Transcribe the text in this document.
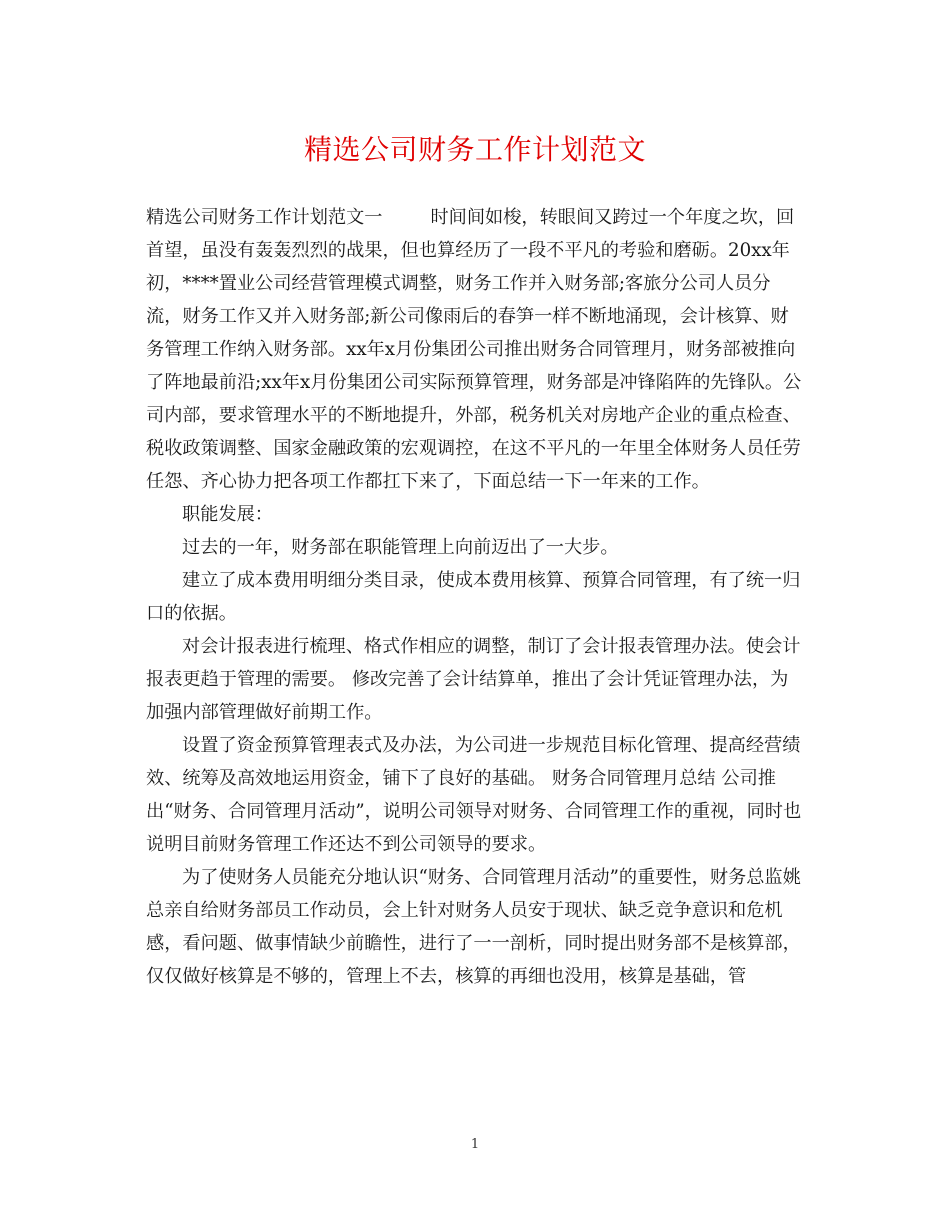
精选公司财务工作计划范文

精选公司财务工作计划范文一	时间间如梭，转眼间又跨过一个年度之坎，回首望，虽没有轰轰烈烈的战果，但也算经历了一段不平凡的考验和磨砺。20xx年初，****置业公司经营管理模式调整，财务工作并入财务部;客旅分公司人员分流，财务工作又并入财务部;新公司像雨后的春笋一样不断地涌现，会计核算、财务管理工作纳入财务部。xx年x月份集团公司推出财务合同管理月，财务部被推向了阵地最前沿;xx年x月份集团公司实际预算管理，财务部是冲锋陷阵的先锋队。公司内部，要求管理水平的不断地提升，外部，税务机关对房地产企业的重点检查、税收政策调整、国家金融政策的宏观调控，在这不平凡的一年里全体财务人员任劳任怨、齐心协力把各项工作都扛下来了，下面总结一下一年来的工作。

职能发展：

过去的一年，财务部在职能管理上向前迈出了一大步。

建立了成本费用明细分类目录，使成本费用核算、预算合同管理，有了统一归口的依据。

对会计报表进行梳理、格式作相应的调整，制订了会计报表管理办法。使会计报表更趋于管理的需要。 修改完善了会计结算单，推出了会计凭证管理办法，为加强内部管理做好前期工作。

设置了资金预算管理表式及办法，为公司进一步规范目标化管理、提高经营绩效、统筹及高效地运用资金，铺下了良好的基础。 财务合同管理月总结 公司推出“财务、合同管理月活动”，说明公司领导对财务、合同管理工作的重视，同时也说明目前财务管理工作还达不到公司领导的要求。

为了使财务人员能充分地认识“财务、合同管理月活动”的重要性，财务总监姚总亲自给财务部员工作动员，会上针对财务人员安于现状、缺乏竞争意识和危机感，看问题、做事情缺少前瞻性，进行了一一剖析，同时提出财务部不是核算部，仅仅做好核算是不够的，管理上不去，核算的再细也没用，核算是基础，管

1
